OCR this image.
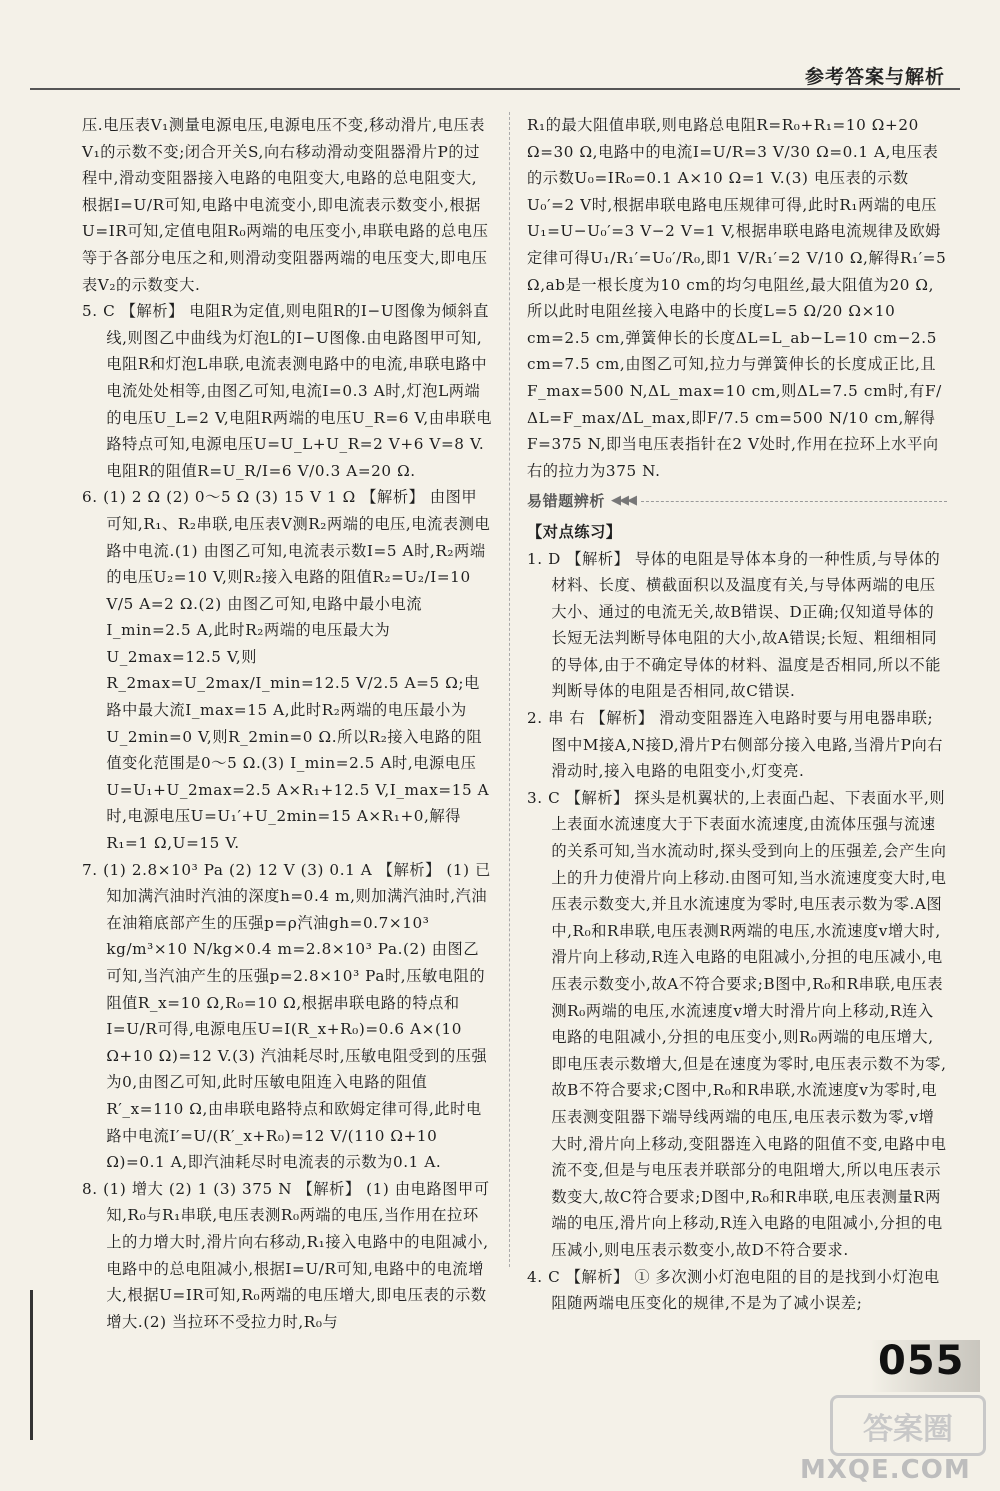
参考答案与解析

压.电压表V₁测量电源电压,电源电压不变,移动滑片,电压表V₁的示数不变;闭合开关S,向右移动滑动变阻器滑片P的过程中,滑动变阻器接入电路的电阻变大,电路的总电阻变大,根据I=U/R可知,电路中电流变小,即电流表示数变小,根据U=IR可知,定值电阻R₀两端的电压变小,串联电路的总电压等于各部分电压之和,则滑动变阻器两端的电压变大,即电压表V₂的示数变大.

5. C 【解析】 电阻R为定值,则电阻R的I−U图像为倾斜直线,则图乙中曲线为灯泡L的I−U图像.由电路图甲可知,电阻R和灯泡L串联,电流表测电路中的电流,串联电路中电流处处相等,由图乙可知,电流I=0.3 A时,灯泡L两端的电压U_L=2 V,电阻R两端的电压U_R=6 V,由串联电路特点可知,电源电压U=U_L+U_R=2 V+6 V=8 V.电阻R的阻值R=U_R/I=6 V/0.3 A=20 Ω.

6. (1) 2 Ω (2) 0～5 Ω (3) 15 V 1 Ω 【解析】 由图甲可知,R₁、R₂串联,电压表V测R₂两端的电压,电流表测电路中电流.(1) 由图乙可知,电流表示数I=5 A时,R₂两端的电压U₂=10 V,则R₂接入电路的阻值R₂=U₂/I=10 V/5 A=2 Ω.(2) 由图乙可知,电路中最小电流I_min=2.5 A,此时R₂两端的电压最大为U_2max=12.5 V,则R_2max=U_2max/I_min=12.5 V/2.5 A=5 Ω;电路中最大流I_max=15 A,此时R₂两端的电压最小为U_2min=0 V,则R_2min=0 Ω.所以R₂接入电路的阻值变化范围是0～5 Ω.(3) I_min=2.5 A时,电源电压U=U₁+U_2max=2.5 A×R₁+12.5 V,I_max=15 A时,电源电压U=U₁′+U_2min=15 A×R₁+0,解得R₁=1 Ω,U=15 V.

7. (1) 2.8×10³ Pa (2) 12 V (3) 0.1 A 【解析】 (1) 已知加满汽油时汽油的深度h=0.4 m,则加满汽油时,汽油在油箱底部产生的压强p=ρ汽油gh=0.7×10³ kg/m³×10 N/kg×0.4 m=2.8×10³ Pa.(2) 由图乙可知,当汽油产生的压强p=2.8×10³ Pa时,压敏电阻的阻值R_x=10 Ω,R₀=10 Ω,根据串联电路的特点和I=U/R可得,电源电压U=I(R_x+R₀)=0.6 A×(10 Ω+10 Ω)=12 V.(3) 汽油耗尽时,压敏电阻受到的压强为0,由图乙可知,此时压敏电阻连入电路的阻值R′_x=110 Ω,由串联电路特点和欧姆定律可得,此时电路中电流I′=U/(R′_x+R₀)=12 V/(110 Ω+10 Ω)=0.1 A,即汽油耗尽时电流表的示数为0.1 A.

8. (1) 增大 (2) 1 (3) 375 N 【解析】 (1) 由电路图甲可知,R₀与R₁串联,电压表测R₀两端的电压,当作用在拉环上的力增大时,滑片向右移动,R₁接入电路中的电阻减小,电路中的总电阻减小,根据I=U/R可知,电路中的电流增大,根据U=IR可知,R₀两端的电压增大,即电压表的示数增大.(2) 当拉环不受拉力时,R₀与

R₁的最大阻值串联,则电路总电阻R=R₀+R₁=10 Ω+20 Ω=30 Ω,电路中的电流I=U/R=3 V/30 Ω=0.1 A,电压表的示数U₀=IR₀=0.1 A×10 Ω=1 V.(3) 电压表的示数U₀′=2 V时,根据串联电路电压规律可得,此时R₁两端的电压U₁=U−U₀′=3 V−2 V=1 V,根据串联电路电流规律及欧姆定律可得U₁/R₁′=U₀′/R₀,即1 V/R₁′=2 V/10 Ω,解得R₁′=5 Ω,ab是一根长度为10 cm的均匀电阻丝,最大阻值为20 Ω,所以此时电阻丝接入电路中的长度L=5 Ω/20 Ω×10 cm=2.5 cm,弹簧伸长的长度ΔL=L_ab−L=10 cm−2.5 cm=7.5 cm,由图乙可知,拉力与弹簧伸长的长度成正比,且F_max=500 N,ΔL_max=10 cm,则ΔL=7.5 cm时,有F/ΔL=F_max/ΔL_max,即F/7.5 cm=500 N/10 cm,解得F=375 N,即当电压表指针在2 V处时,作用在拉环上水平向右的拉力为375 N.

易错题辨析 ◀◀◀

【对点练习】

1. D 【解析】 导体的电阻是导体本身的一种性质,与导体的材料、长度、横截面积以及温度有关,与导体两端的电压大小、通过的电流无关,故B错误、D正确;仅知道导体的长短无法判断导体电阻的大小,故A错误;长短、粗细相同的导体,由于不确定导体的材料、温度是否相同,所以不能判断导体的电阻是否相同,故C错误.

2. 串 右 【解析】 滑动变阻器连入电路时要与用电器串联;图中M接A,N接D,滑片P右侧部分接入电路,当滑片P向右滑动时,接入电路的电阻变小,灯变亮.

3. C 【解析】 探头是机翼状的,上表面凸起、下表面水平,则上表面水流速度大于下表面水流速度,由流体压强与流速的关系可知,当水流动时,探头受到向上的压强差,会产生向上的升力使滑片向上移动.由图可知,当水流速度变大时,电压表示数变大,并且水流速度为零时,电压表示数为零.A图中,R₀和R串联,电压表测R两端的电压,水流速度v增大时,滑片向上移动,R连入电路的电阻减小,分担的电压减小,电压表示数变小,故A不符合要求;B图中,R₀和R串联,电压表测R₀两端的电压,水流速度v增大时滑片向上移动,R连入电路的电阻减小,分担的电压变小,则R₀两端的电压增大,即电压表示数增大,但是在速度为零时,电压表示数不为零,故B不符合要求;C图中,R₀和R串联,水流速度v为零时,电压表测变阻器下端导线两端的电压,电压表示数为零,v增大时,滑片向上移动,变阻器连入电路的阻值不变,电路中电流不变,但是与电压表并联部分的电阻增大,所以电压表示数变大,故C符合要求;D图中,R₀和R串联,电压表测量R两端的电压,滑片向上移动,R连入电路的电阻减小,分担的电压减小,则电压表示数变小,故D不符合要求.

4. C 【解析】 ① 多次测小灯泡电阻的目的是找到小灯泡电阻随两端电压变化的规律,不是为了减小误差;

055
答案圈
MXQE.COM
